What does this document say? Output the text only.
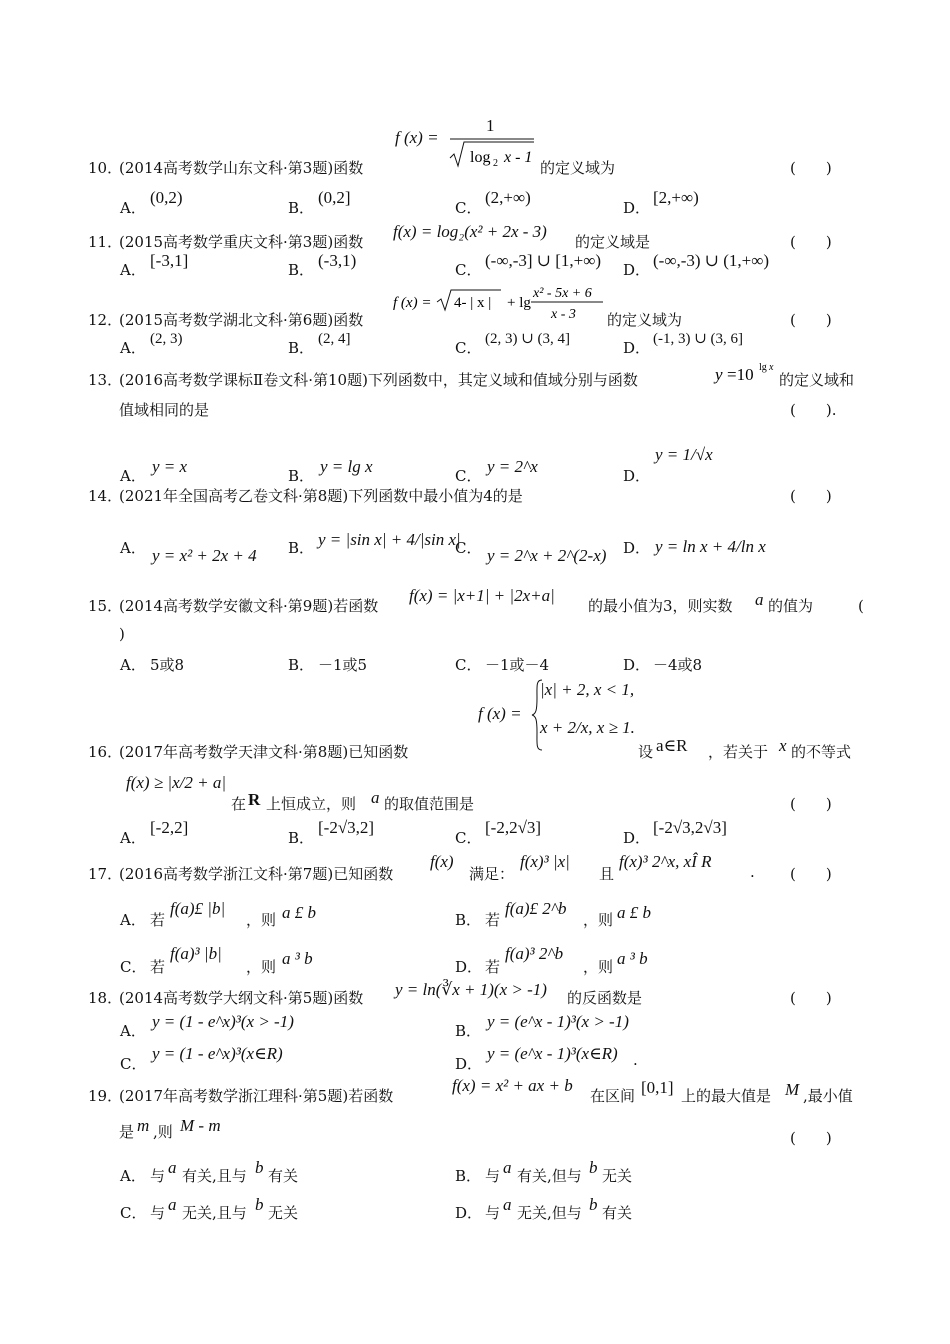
f (x) =
1
log 2 x - 1
10．
(2014高考数学山东文科·第3题)函数	的定义域为	(　　)
A．
(0,2)
B．
(0,2]
C．
(2,+∞)
D．
[2,+∞)
11．
(2015高考数学重庆文科·第3题)函数
f(x) = log₂(x² + 2x - 3)
的定义域是	(　　)
A． [-3,1]	B． (-3,1)	C． (-∞,-3] ∪ [1,+∞) D． (-∞,-3) ∪ (1,+∞)
f (x) = 4- | x | + lg
x² - 5x + 6
x - 3
12．
(2015高考数学湖北文科·第6题)函数	的定义域为	(　　)
A． (2, 3)	B． (2, 4]	C． (2, 3) ∪ (3, 4]	D． (-1, 3) ∪ (3, 6]
13．
(2016高考数学课标Ⅱ卷文科·第10题)下列函数中，其定义域和值域分别与函数	y =10 lg x
的定义域和
值域相同的是	(　　).
A． y = x	B． y = lg x	C． y = 2^x	D．
y = 1/√x
14．
(2021年全国高考乙卷文科·第8题)下列函数中最小值为4的是	(　　)
A． y = x² + 2x + 4 B． y = |sin x| + 4/|sin x|
C． y = 2^x + 2^(2-x) D． y = ln x + 4/ln x
15．
(2014高考数学安徽文科·第9题)若函数
f(x) = |x+1| + |2x+a|
的最小值为3，则实数 a 的值为	(
)
A． 5或8	B． －1或5	C． －1或－4	D． －4或8
f (x) =
|x| + 2, x < 1,
x + 2/x, x ≥ 1.
16．
(2017年高考数学天津文科·第8题)已知函数	设 a∈R ，若关于 x 的不等式
f(x) ≥ |x/2 + a|
在 R 上恒成立，则 a 的取值范围是	(　　)
A．
[-2,2]
B．
[-2√3,2]
C．
[-2,2√3]
D．
[-2√3,2√3]
17．
(2016高考数学浙江文科·第7题)已知函数
f(x)
满足：
f(x)³ |x|
且
f(x)³ 2^x, xÎ R
. (　　)
A． 若
f(a)£ |b|
，则 a £ b	B． 若
f(a)£ 2^b
，则 a £ b
C． 若
f(a)³ |b|
，则 a ³ b	D． 若
f(a)³ 2^b
，则 a ³ b
18．
(2014高考数学大纲文科·第5题)函数 y = ln(∛x + 1)(x > -1) 的反函数是	(　　)
A． y = (1 - e^x)³(x > -1)	B． y = (e^x - 1)³(x > -1)
C．
y = (1 - e^x)³(x∈R)
D．
y = (e^x - 1)³(x∈R) .
19．
(2017年高考数学浙江理科·第5题)若函数
f(x) = x² + ax + b
在区间 [0,1] 上的最大值是 M ,最小值
是 m ,则 M - m
(　　)
A． 与 a 有关,且与 b 有关	B． 与 a 有关,但与 b 无关
C． 与 a 无关,且与 b 无关	D． 与 a 无关,但与 b 有关
